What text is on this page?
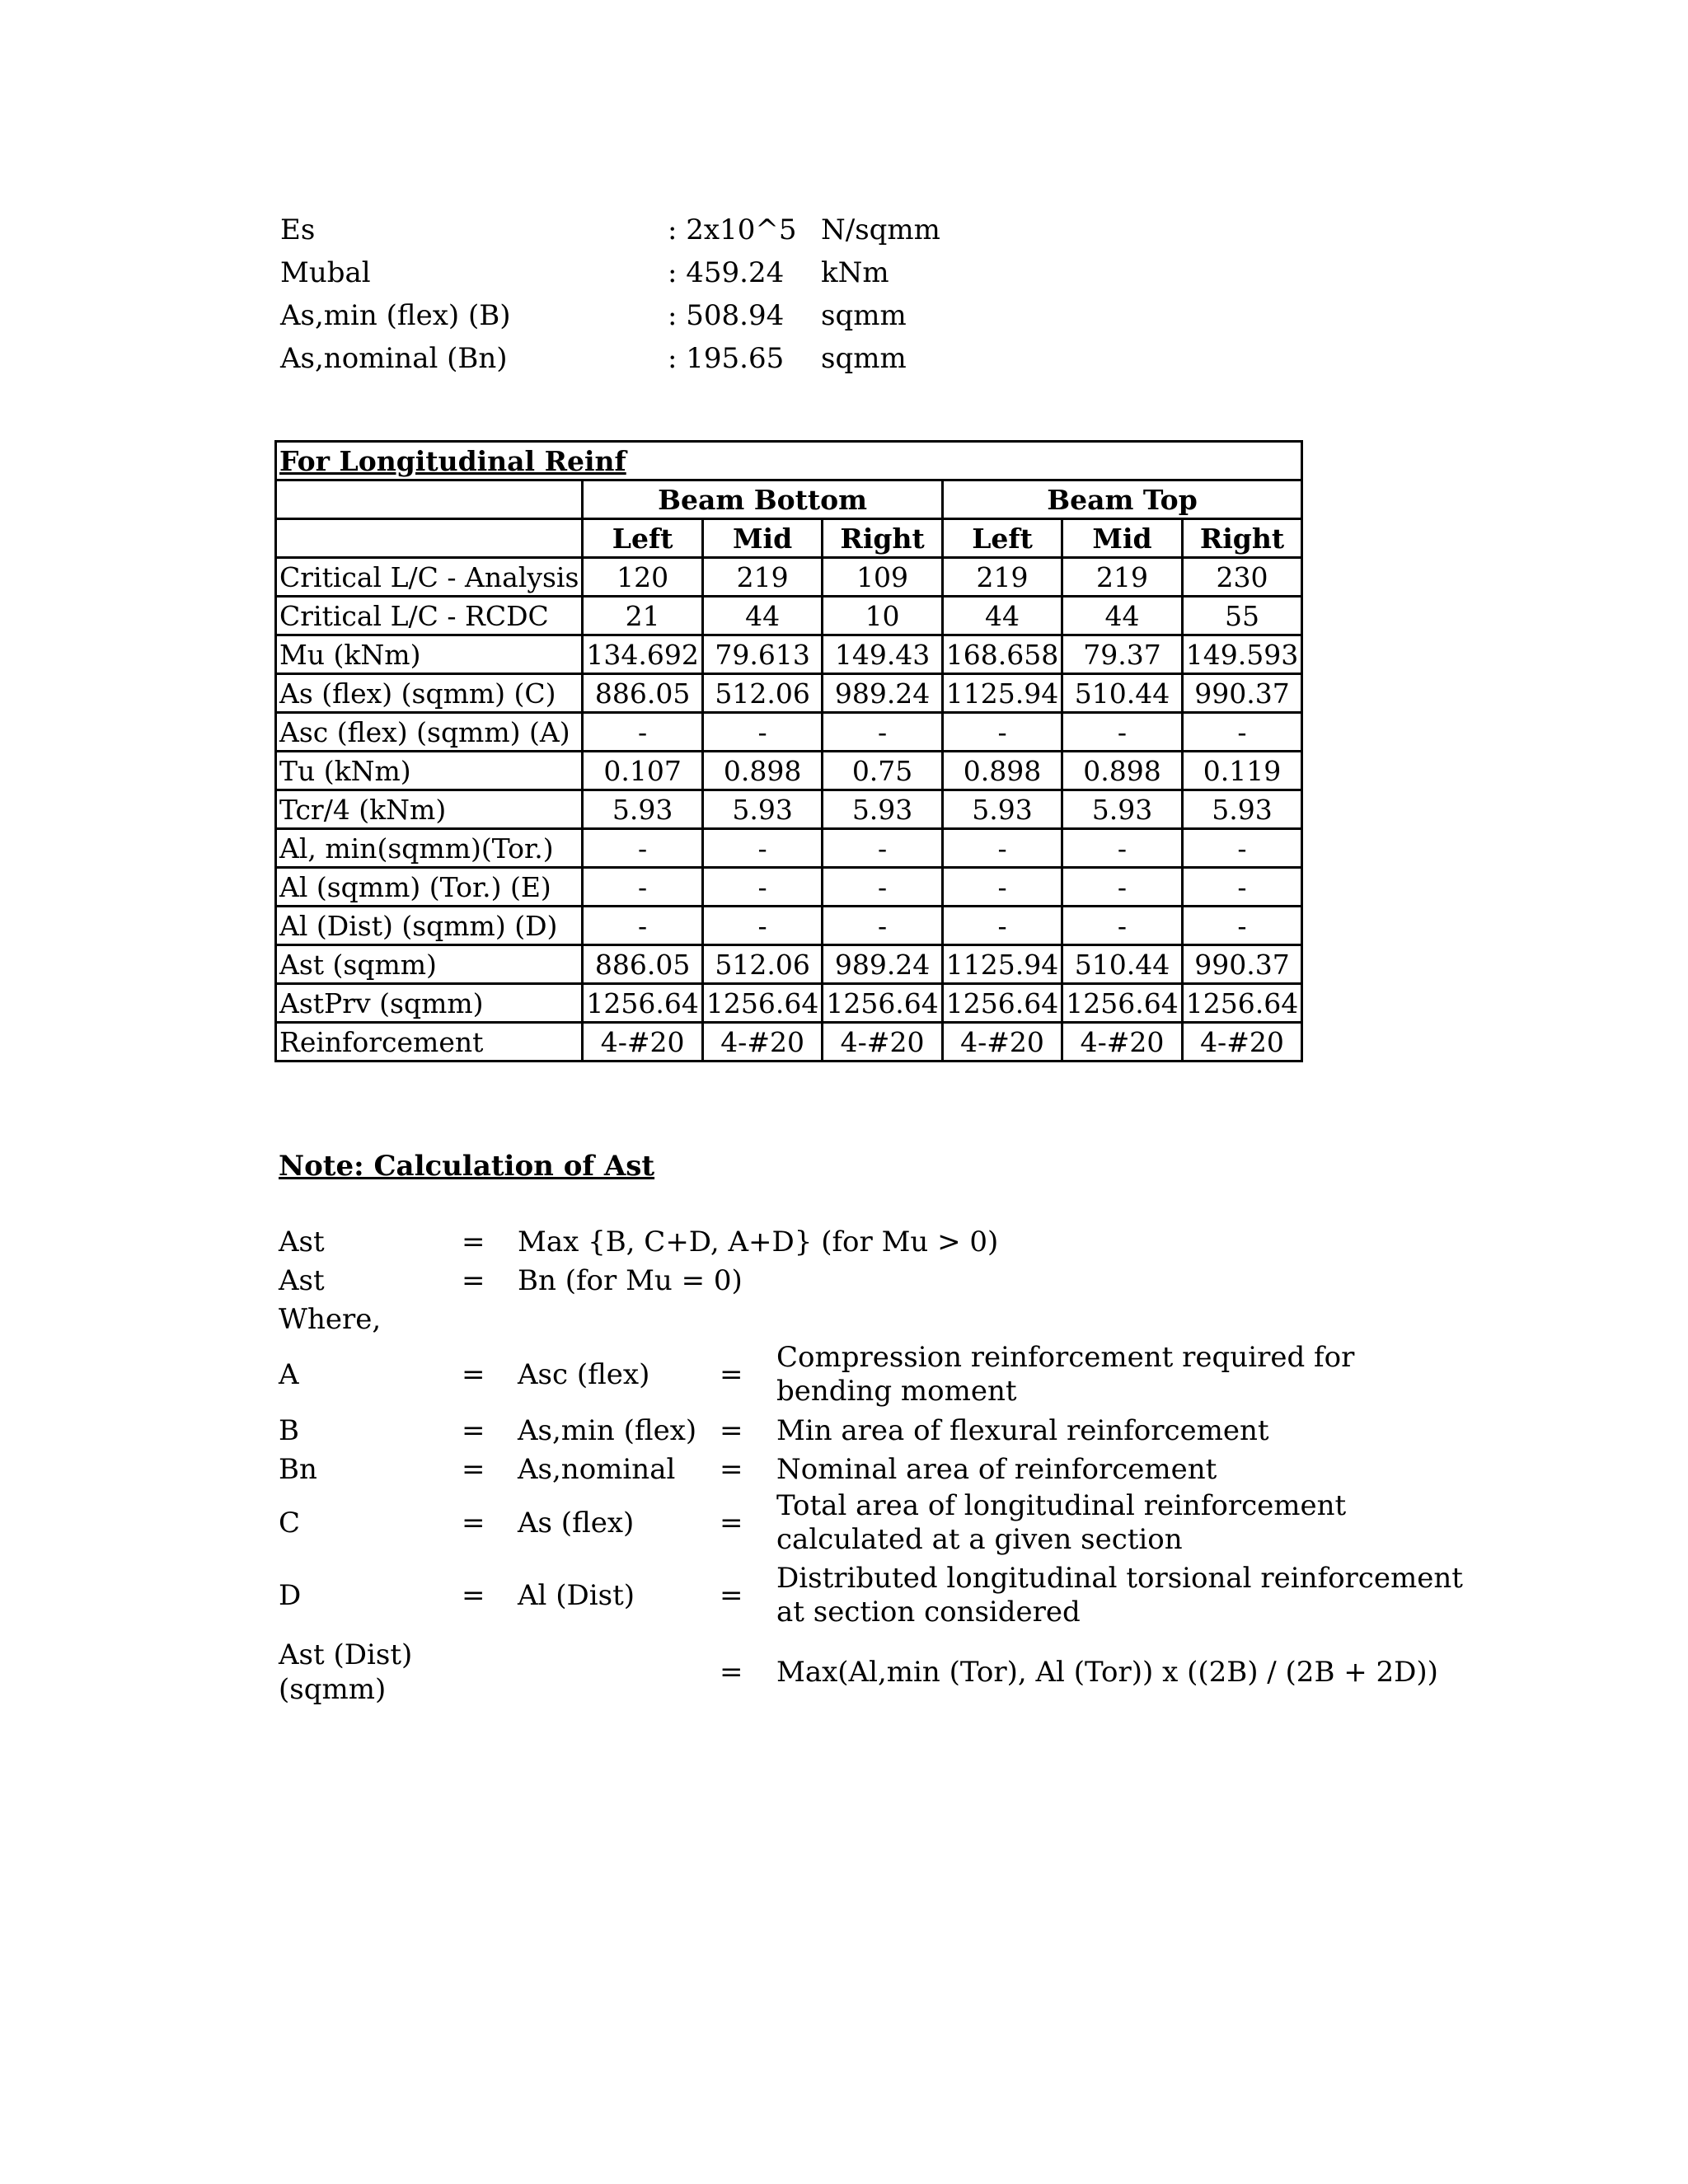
Es	: 2x10^5 N/sqmm
Mubal	: 459.24 kNm
As,min (flex) (B)	: 508.94 sqmm
As,nominal (Bn)	: 195.65 sqmm
For Longitudinal Reinf						
	Beam Bottom			Beam Top		
	Left	Mid	Right	Left	Mid	Right
Critical L/C - Analysis	120	219	109	219	219	230
Critical L/C - RCDC	21	44	10	44	44	55
Mu (kNm)	134.692	79.613	149.43	168.658	79.37	149.593
As (flex) (sqmm) (C)	886.05	512.06	989.24	1125.94	510.44	990.37
Asc (flex) (sqmm) (A)	-	-	-	-	-	-
Tu (kNm)	0.107	0.898	0.75	0.898	0.898	0.119
Tcr/4 (kNm)	5.93	5.93	5.93	5.93	5.93	5.93
Al, min(sqmm)(Tor.)	-	-	-	-	-	-
Al (sqmm) (Tor.) (E)	-	-	-	-	-	-
Al (Dist) (sqmm) (D)	-	-	-	-	-	-
Ast (sqmm)	886.05	512.06	989.24	1125.94	510.44	990.37
AstPrv (sqmm)	1256.64	1256.64	1256.64	1256.64	1256.64	1256.64
Reinforcement	4-#20	4-#20	4-#20	4-#20	4-#20	4-#20
Note: Calculation of Ast
Ast	= Max {B, C+D, A+D} (for Mu > 0)
Ast	= Bn (for Mu = 0)
Where,
A	= Asc (flex) =
Compression reinforcement required for
bending moment
B	= As,min (flex) = Min area of flexural reinforcement
Bn	= As,nominal = Nominal area of reinforcement
C	= As (flex)	=
Total area of longitudinal reinforcement
calculated at a given section
D	= Al (Dist)	=
Distributed longitudinal torsional reinforcement
at section considered
Ast (Dist)
(sqmm)
= Max(Al,min (Tor), Al (Tor)) x ((2B) / (2B + 2D))
